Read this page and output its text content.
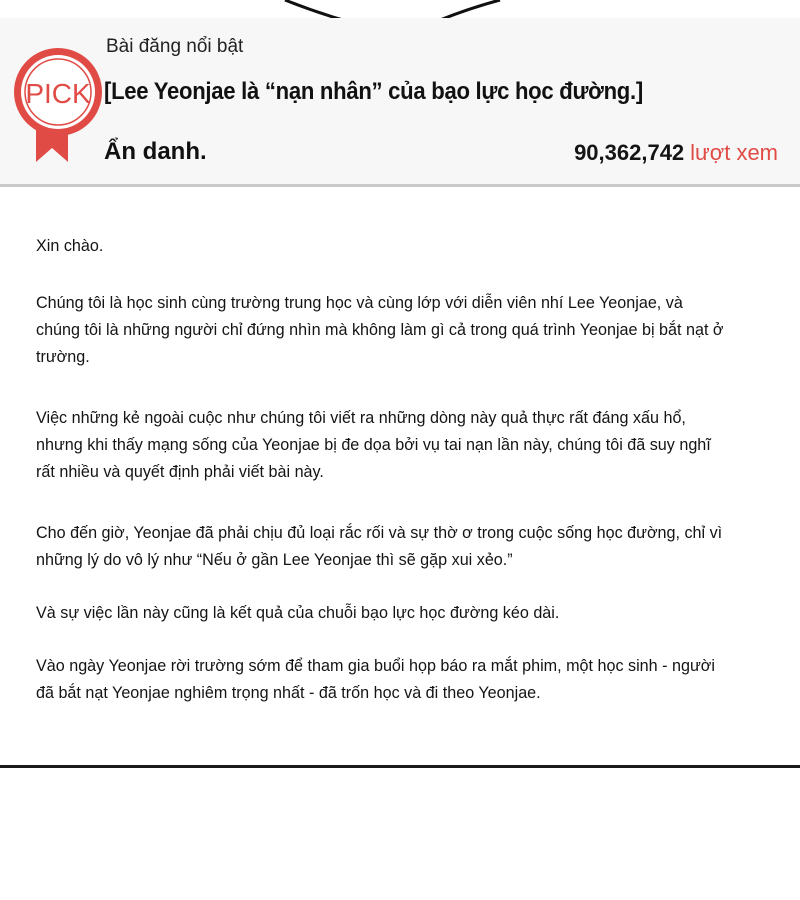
PICK
Bài đăng nổi bật
[Lee Yeonjae là “nạn nhân” của bạo lực học đường.]
Ẩn danh.	90,362,742 lượt xem

Xin chào.

Chúng tôi là học sinh cùng trường trung học và cùng lớp với diễn viên nhí Lee Yeonjae, và chúng tôi là những người chỉ đứng nhìn mà không làm gì cả trong quá trình Yeonjae bị bắt nạt ở trường.

Việc những kẻ ngoài cuộc như chúng tôi viết ra những dòng này quả thực rất đáng xấu hổ, nhưng khi thấy mạng sống của Yeonjae bị đe dọa bởi vụ tai nạn lần này, chúng tôi đã suy nghĩ rất nhiều và quyết định phải viết bài này.

Cho đến giờ, Yeonjae đã phải chịu đủ loại rắc rối và sự thờ ơ trong cuộc sống học đường, chỉ vì những lý do vô lý như “Nếu ở gần Lee Yeonjae thì sẽ gặp xui xẻo.”

Và sự việc lần này cũng là kết quả của chuỗi bạo lực học đường kéo dài.

Vào ngày Yeonjae rời trường sớm để tham gia buổi họp báo ra mắt phim, một học sinh - người đã bắt nạt Yeonjae nghiêm trọng nhất - đã trốn học và đi theo Yeonjae.
